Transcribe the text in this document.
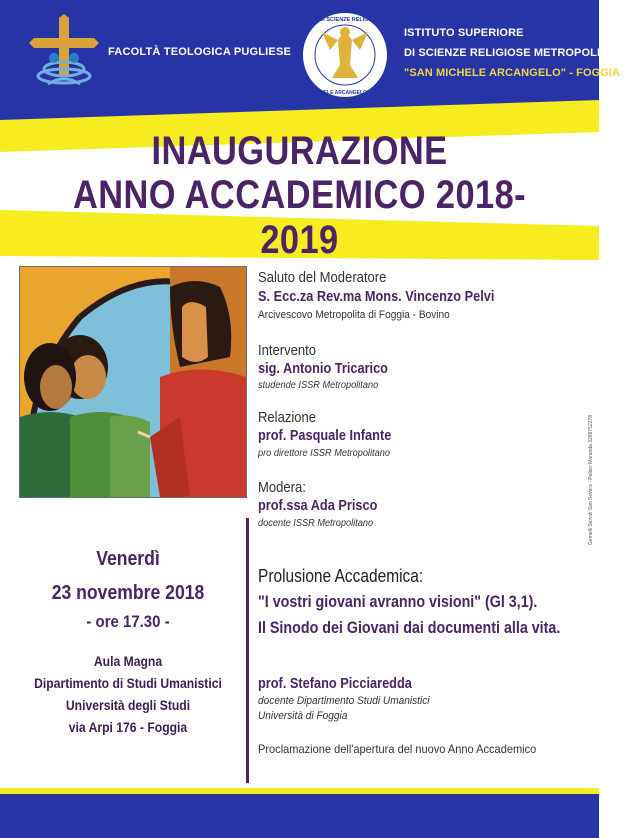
FACOLTÀ TEOLOGICA PUGLIESE
ISTITUTO SUPERIORE DI SCIENZE RELIGIOSE METROPOLITANO
"SAN MICHELE ARCANGELO" - FOGGIA
ISTITUTO SUPERIORE
DI SCIENZE RELIGIOSE METROPOLITANO
"SAN MICHELE ARCANGELO" - FOGGIA
INAUGURAZIONE
ANNO ACCADEMICO 2018-2019
Saluto del Moderatore
S. Ecc.za Rev.ma Mons. Vincenzo Pelvi
Arcivescovo Metropolita di Foggia - Bovino
Intervento
sig. Antonio Tricarico
studende ISSR Metropolitano
Relazione
prof. Pasquale Infante
pro direttore ISSR Metropolitano
Modera:
prof.ssa Ada Prisco
docente ISSR Metropolitano
Venerdì
23 novembre 2018
- ore 17.30 -
Aula Magna
Dipartimento di Studi Umanistici
Università degli Studi
via Arpi 176 - Foggia
Prolusione Accademica:
"I vostri giovani avranno visioni" (Gl 3,1).
Il Sinodo dei Giovani dai documenti alla vita.
prof. Stefano Picciaredda
docente Dipartimento Studi Umanistici
Università di Foggia
Proclamazione dell'apertura del nuovo Anno Accademico
Gemelli Servizi San Severo - Pelber Maranda 3289752278
